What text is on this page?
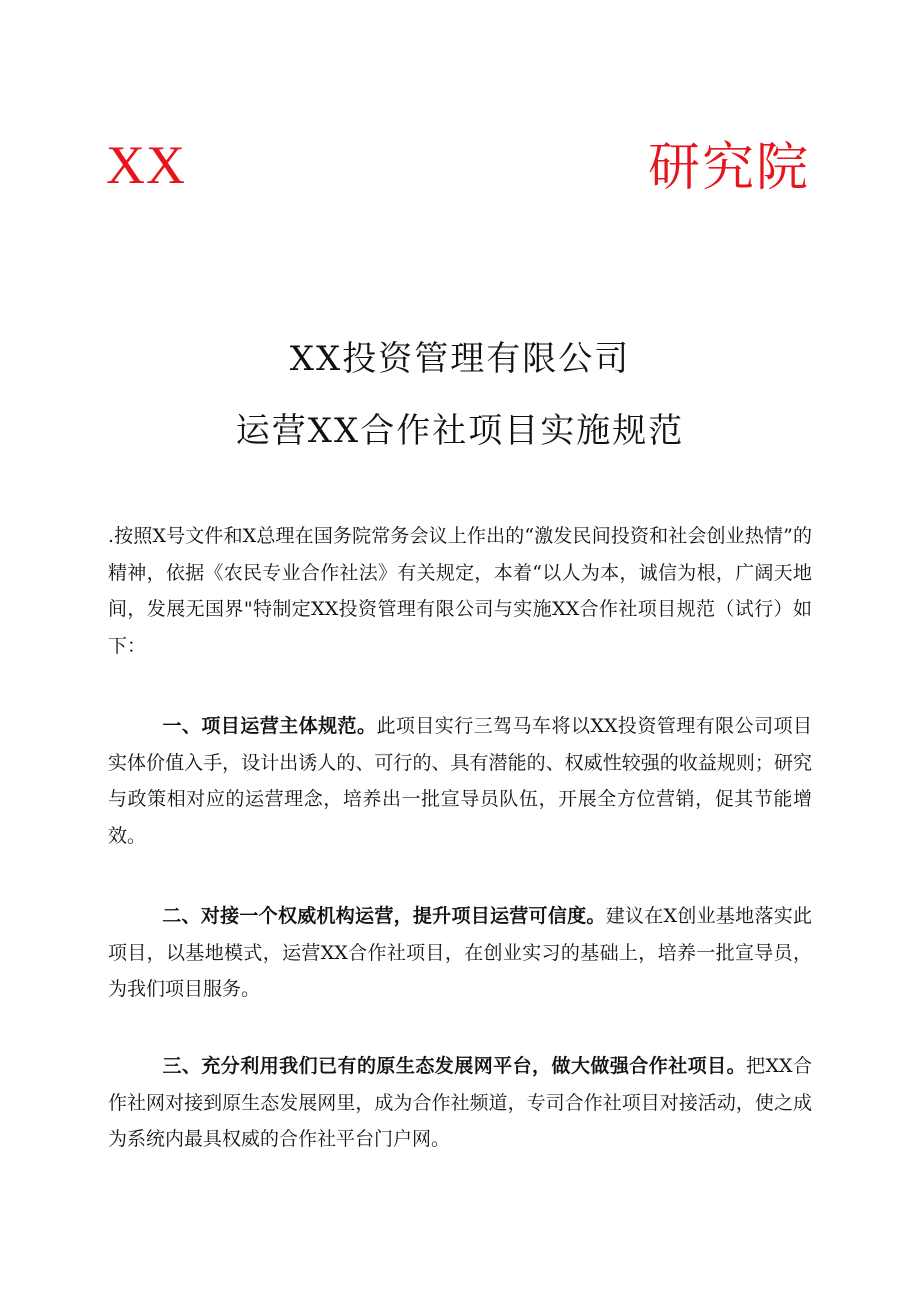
XX	研究院
XX投资管理有限公司
运营XX合作社项目实施规范
.按照X号文件和X总理在国务院常务会议上作出的“激发民间投资和社会创业热情”的精神，依据《农民专业合作社法》有关规定，本着“以人为本，诚信为根，广阔天地间，发展无国界"特制定XX投资管理有限公司与实施XX合作社项目规范（试行）如下：
一、项目运营主体规范。此项目实行三驾马车将以XX投资管理有限公司项目实体价值入手，设计出诱人的、可行的、具有潜能的、权威性较强的收益规则；研究与政策相对应的运营理念，培养出一批宣导员队伍，开展全方位营销，促其节能增效。
二、对接一个权威机构运营，提升项目运营可信度。建议在X创业基地落实此项目，以基地模式，运营XX合作社项目，在创业实习的基础上，培养一批宣导员，为我们项目服务。
三、充分利用我们已有的原生态发展网平台，做大做强合作社项目。把XX合作社网对接到原生态发展网里，成为合作社频道，专司合作社项目对接活动，使之成为系统内最具权威的合作社平台门户网。
